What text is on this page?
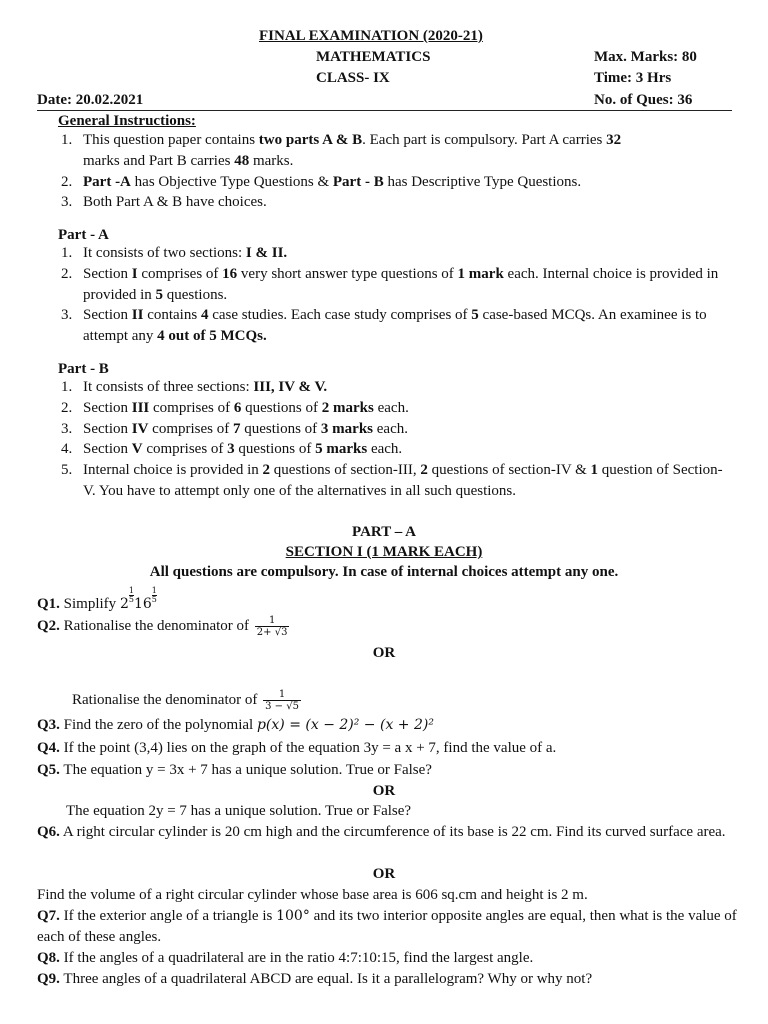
FINAL EXAMINATION (2020-21)
MATHEMATICS
CLASS- IX
Max. Marks: 80
Time: 3 Hrs
Date: 20.02.2021	No. of Ques: 36
General Instructions:
1. This question paper contains two parts A & B. Each part is compulsory. Part A carries 32
marks and Part B carries 48 marks.
2. Part -A has Objective Type Questions & Part - B has Descriptive Type Questions.
3. Both Part A & B have choices.
Part - A
1. It consists of two sections: I & II.
2. Section I comprises of 16 very short answer type questions of 1 mark each. Internal choice is provided in
provided in 5 questions.
3. Section II contains 4 case studies. Each case study comprises of 5 case-based MCQs. An examinee is to attempt any 4 out of 5 MCQs.
Part - B
1. It consists of three sections: III, IV & V.
2. Section III comprises of 6 questions of 2 marks each.
3. Section IV comprises of 7 questions of 3 marks each.
4. Section V comprises of 3 questions of 5 marks each.
5. Internal choice is provided in 2 questions of section-III, 2 questions of section-IV & 1 question of Section-V. You have to attempt only one of the alternatives in all such questions.
PART – A
SECTION I (1 MARK EACH)
All questions are compulsory. In case of internal choices attempt any one.
Q1. Simplify $2 \frac{1}{5} 16 \frac{1}{5}$
Q2. Rationalise the denominator of $\frac{1}{2+ √3}$
OR
Rationalise the denominator of $\frac{1}{3 - √5}$
Q3. Find the zero of the polynomial p(x) = (x − 2)² − (x + 2)²
Q4. If the point (3,4) lies on the graph of the equation 3y = a x + 7, find the value of a.
Q5. The equation y = 3x + 7 has a unique solution. True or False?
OR
The equation 2y = 7 has a unique solution. True or False?
Q6. A right circular cylinder is 20 cm high and the circumference of its base is 22 cm. Find its curved surface area.
OR
Find the volume of a right circular cylinder whose base area is 606 sq.cm and height is 2 m.
Q7. If the exterior angle of a triangle is 100° and its two interior opposite angles are equal, then what is the value of each of these angles.
Q8. If the angles of a quadrilateral are in the ratio 4:7:10:15, find the largest angle.
Q9. Three angles of a quadrilateral ABCD are equal. Is it a parallelogram? Why or why not?
